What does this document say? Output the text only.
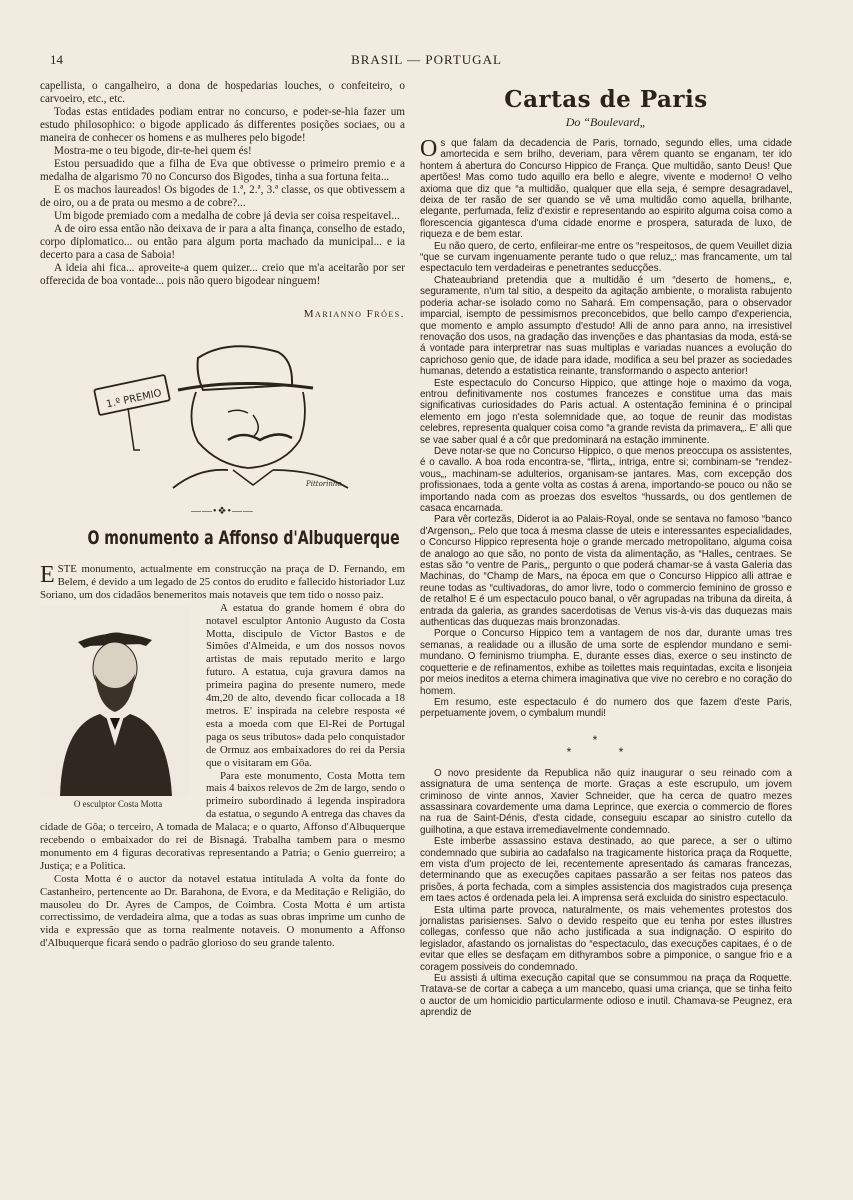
14	BRASIL — PORTUGAL

capellista, o cangalheiro, a dona de hospedarias louches, o confeiteiro, o carvoeiro, etc., etc.

Todas estas entidades podiam entrar no concurso, e poder-se-hia fazer um estudo philosophico: o bigode applicado ás differentes posições sociaes, ou a maneira de conhecer os homens e as mulheres pelo bigode!

Mostra-me o teu bigode, dir-te-hei quem és!

Estou persuadido que a filha de Eva que obtivesse o primeiro premio e a medalha de algarismo 70 no Concurso dos Bigodes, tinha a sua fortuna feita...

E os machos laureados! Os bigodes de 1.ª, 2.ª, 3.ª classe, os que obtivessem a de oiro, ou a de prata ou mesmo a de cobre?...

Um bigode premiado com a medalha de cobre já devia ser coisa respeitavel...

A de oiro essa então não deixava de ir para a alta finança, conselho de estado, corpo diplomatico... ou então para algum porta machado da municipal... e ia decerto para a casa de Saboia!

A ideia ahi fica... aproveite-a quem quizer... creio que m'a aceitarão por ser offerecida de boa vontade... pois não quero bigodear ninguem!

Marianno Fróes.
1.º PREMIO
Pittorinho
——•❖•——
O monumento a Affonso d'Albuquerque

ESTE monumento, actualmente em construcção na praça de D. Fernando, em Belem, é devido a um legado de 25 contos do erudito e fallecido historiador Luz Soriano, um dos cidadãos benemeritos mais notaveis que tem tido o nosso paiz.

O esculptor Costa Motta

A estatua do grande homem é obra do notavel esculptor Antonio Augusto da Costa Motta, discipulo de Victor Bastos e de Simões d'Almeida, e um dos nossos novos artistas de mais reputado merito e largo futuro. A estatua, cuja gravura damos na primeira pagina do presente numero, mede 4m,20 de alto, devendo ficar collocada a 18 metros. E' inspirada na celebre resposta «é esta a moeda com que El-Rei de Portugal paga os seus tributos» dada pelo conquistador de Ormuz aos embaixadores do rei da Persia que o visitaram em Gôa.

Para este monumento, Costa Motta tem mais 4 baixos relevos de 2m de largo, sendo o primeiro subordinado á legenda inspiradora da estatua, o segundo A entrega das chaves da cidade de Gôa; o terceiro, A tomada de Malaca; e o quarto, Affonso d'Albuquerque recebendo o embaixador do rei de Bisnagá. Trabalha tambem para o mesmo monumento em 4 figuras decorativas representando a Patria; o Genio guerreiro; a Justiça; e a Politica.

Costa Motta é o auctor da notavel estatua intitulada A volta da fonte do Castanheiro, pertencente ao Dr. Barahona, de Evora, e da Meditação e Religião, do mausoleu do Dr. Ayres de Campos, de Coimbra. Costa Motta é um artista correctissimo, de verdadeira alma, que a todas as suas obras imprime um cunho de vida e expressão que as torna realmente notaveis. O monumento a Affonso d'Albuquerque ficará sendo o padrão glorioso do seu grande talento.

Cartas de Paris
Do “Boulevard„

Os que falam da decadencia de Paris, tornado, segundo elles, uma cidade amortecida e sem brilho, deveriam, para vêrem quanto se enganam, ter ido hontem á abertura do Concurso Hippico de França. Que multidão, santo Deus! Que apertões! Mas como tudo aquillo era bello e alegre, vivente e moderno! O velho axioma que diz que “a multidão, qualquer que ella seja, é sempre desagradavel„ deixa de ter rasão de ser quando se vê uma multidão como aquella, brilhante, elegante, perfumada, feliz d'existir e representando ao espirito alguma coisa como a florescencia gigantesca d'uma cidade enorme e prospera, saturada de luxo, de riqueza e de bem estar.

Eu não quero, de certo, enfileirar-me entre os “respeitosos„ de quem Veuillet dizia “que se curvam ingenuamente perante tudo o que reluz„: mas francamente, um tal espectaculo tem verdadeiras e penetrantes seducções.

Chateaubriand pretendia que a multidão é um “deserto de homens„, e, seguramente, n'um tal sitio, a despeito da agitação ambiente, o moralista rabujento poderia achar-se isolado como no Sahará. Em compensação, para o observador imparcial, isempto de pessimismos preconcebidos, que bello campo d'experiencia, que momento e amplo assumpto d'estudo! Alli de anno para anno, na irresistivel renovação dos usos, na gradação das invenções e das phantasias da moda, está-se á vontade para interpretrar nas suas multiplas e variadas nuances a evolução do caprichoso genio que, de idade para idade, modifica a seu bel prazer as sociedades humanas, detendo a estatistica reinante, transformando o aspecto anterior!

Este espectaculo do Concurso Hippico, que attinge hoje o maximo da voga, entrou definitivamente nos costumes francezes e constitue uma das mais significativas curiosidades do Paris actual. A ostentação feminina é o principal elemento em jogo n'esta solemnidade que, ao toque de reunir das modistas celebres, representa qualquer coisa como “a grande revista da primavera„. E' alli que se vae saber qual é a côr que predominará na estação imminente.

Deve notar-se que no Concurso Hippico, o que menos preoccupa os assistentes, é o cavallo. A boa roda encontra-se, “flirta„, intriga, entre si; combinam-se “rendez-vous„, machinam-se adulterios, organisam-se jantares. Mas, com excepção dos profissionaes, toda a gente volta as costas á arena, importando-se pouco ou não se importando nada com as proezas dos esveltos “hussards„ ou dos gentlemen de casaca encarnada.

Para vêr cortezãs, Diderot ia ao Palais-Royal, onde se sentava no famoso “banco d'Argenson„. Pelo que toca á mesma classe de uteis e interessantes especialidades, o Concurso Hippico representa hoje o grande mercado metropolitano, alguma coisa de analogo ao que são, no ponto de vista da alimentação, as “Halles„ centraes. Se estas são “o ventre de Paris„, pergunto o que poderá chamar-se á vasta Galeria das Machinas, do “Champ de Mars„ na época em que o Concurso Hippico alli attrae e reune todas as “cultivadoras„ do amor livre, todo o commercio feminino de grosso e de retalho! E é um espectaculo pouco banal, o vêr agrupadas na tribuna da direita, á entrada da galeria, as grandes sacerdotisas de Venus vis-à-vis das duquezas mais authenticas das duquezas mais bronzonadas.

Porque o Concurso Hippico tem a vantagem de nos dar, durante umas tres semanas, a realidade ou a illusão de uma sorte de esplendor mundano e semi-mundano. O feminismo triumpha. E, durante esses dias, exerce o seu instincto de coquetterie e de refinamentos, exhibe as toilettes mais requintadas, excita e lisonjeia por meios ineditos a eterna chimera imaginativa que vive no cerebro e no coração do homem.

Em resumo, este espectaculo é do numero dos que fazem d'este Paris, perpetuamente jovem, o cymbalum mundi!

*
* *

O novo presidente da Republica não quiz inaugurar o seu reinado com a assignatura de uma sentença de morte. Graças a este escrupulo, um jovem criminoso de vinte annos, Xavier Schneider, que ha cerca de quatro mezes assassinara covardemente uma dama Leprince, que exercia o commercio de flores na rua de Saint-Dénis, d'esta cidade, conseguiu escapar ao sinistro cutello da guilhotina, a que estava irremediavelmente condemnado.

Este imberbe assassino estava destinado, ao que parece, a ser o ultimo condemnado que subiria ao cadafalso na tragicamente historica praça da Roquette, em vista d'um projecto de lei, recentemente apresentado ás camaras francezas, determinando que as execuções capitaes passarão a ser feitas nos pateos das prisões, á porta fechada, com a simples assistencia dos magistrados cuja presença em taes actos é ordenada pela lei. A imprensa será excluida do sinistro espectaculo.

Esta ultima parte provoca, naturalmente, os mais vehementes protestos dos jornalistas parisienses. Salvo o devido respeito que eu tenha por estes illustres collegas, confesso que não acho justificada a sua indignação. O espirito do legislador, afastando os jornalistas do “espectaculo„ das execuções capitaes, é o de evitar que elles se desfaçam em dithyrambos sobre a pimponice, o sangue frio e a coragem possiveis do condemnado.

Eu assisti á ultima execução capital que se consummou na praça da Roquette. Tratava-se de cortar a cabeça a um mancebo, quasi uma criança, que se tinha feito o auctor de um homicidio particularmente odioso e inutil. Chamava-se Peugnez, era aprendiz de
